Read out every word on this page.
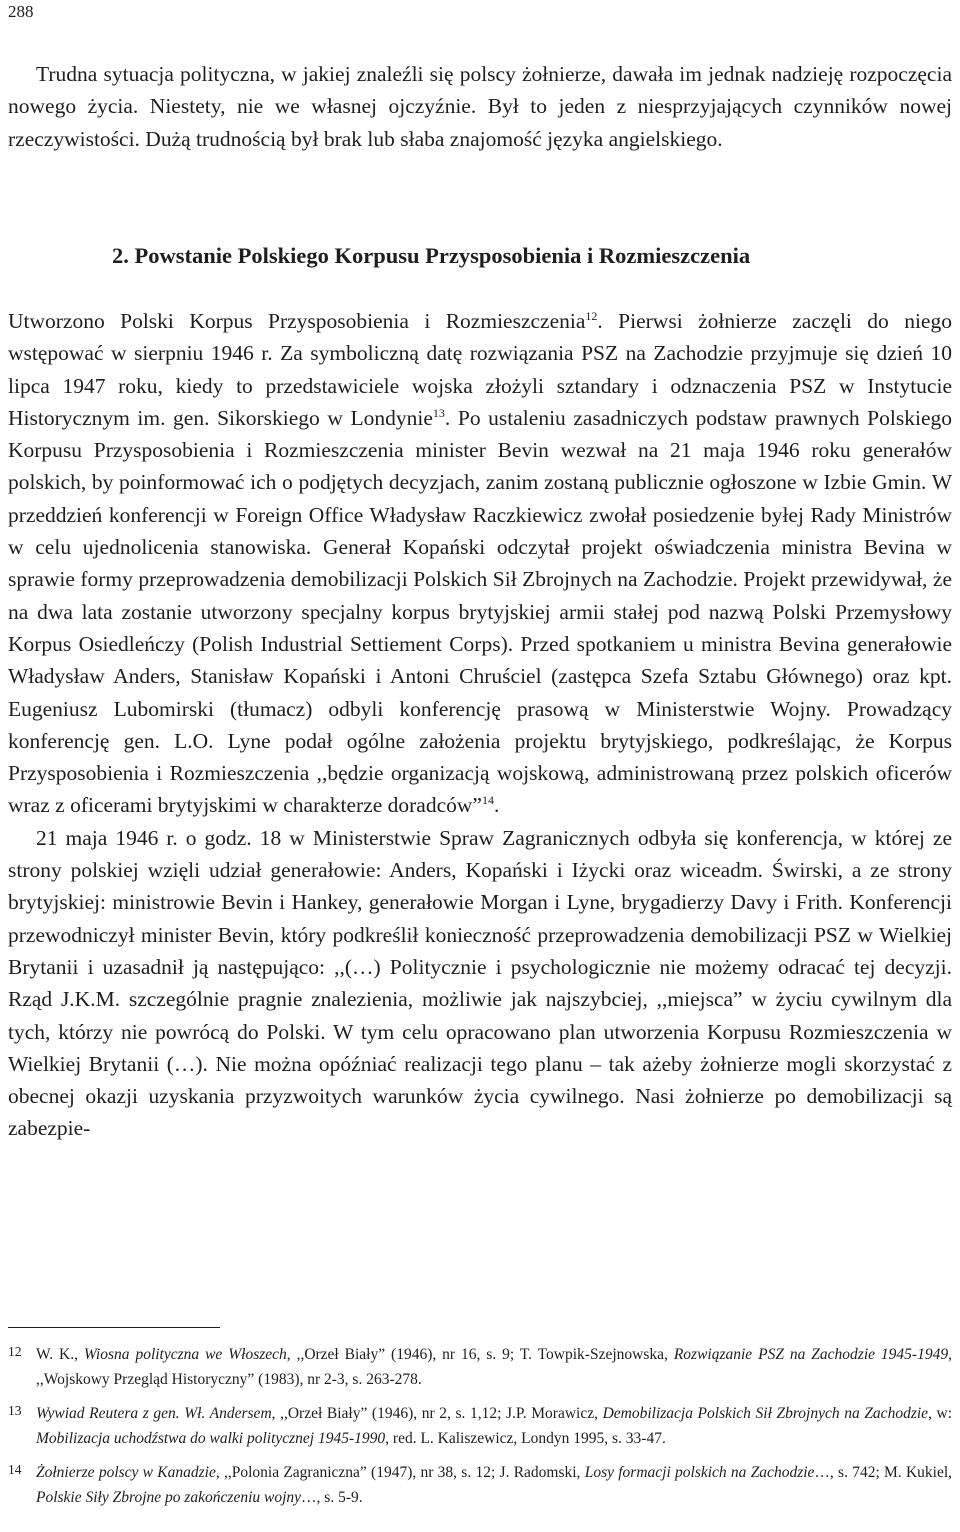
288

Trudna sytuacja polityczna, w jakiej znaleźli się polscy żołnierze, dawała im jednak nadzieję rozpoczęcia nowego życia. Niestety, nie we własnej ojczyźnie. Był to jeden z niesprzyjających czynników nowej rzeczywistości. Dużą trudnością był brak lub słaba znajomość języka angielskiego.

2. Powstanie Polskiego Korpusu Przysposobienia i Rozmieszczenia

Utworzono Polski Korpus Przysposobienia i Rozmieszczenia$^{12}$. Pierwsi żołnierze zaczęli do niego wstępować w sierpniu 1946 r. Za symboliczną datę rozwiązania PSZ na Zachodzie przyjmuje się dzień 10 lipca 1947 roku, kiedy to przedstawiciele wojska złożyli sztandary i odznaczenia PSZ w Instytucie Historycznym im. gen. Sikorskiego w Londynie$^{13}$. Po ustaleniu zasadniczych podstaw prawnych Polskiego Korpusu Przysposobienia i Rozmieszczenia minister Bevin wezwał na 21 maja 1946 roku generałów polskich, by poinformować ich o podjętych decyzjach, zanim zostaną publicznie ogłoszone w Izbie Gmin. W przeddzień konferencji w Foreign Office Władysław Raczkiewicz zwołał posiedzenie byłej Rady Ministrów w celu ujednolicenia stanowiska. Generał Kopański odczytał projekt oświadczenia ministra Bevina w sprawie formy przeprowadzenia demobilizacji Polskich Sił Zbrojnych na Zachodzie. Projekt przewidywał, że na dwa lata zostanie utworzony specjalny korpus brytyjskiej armii stałej pod nazwą Polski Przemysłowy Korpus Osiedleńczy (Polish Industrial Settiement Corps). Przed spotkaniem u ministra Bevina generałowie Władysław Anders, Stanisław Kopański i Antoni Chruściel (zastępca Szefa Sztabu Głównego) oraz kpt. Eugeniusz Lubomirski (tłumacz) odbyli konferencję prasową w Ministerstwie Wojny. Prowadzący konferencję gen. L.O. Lyne podał ogólne założenia projektu brytyjskiego, podkreślając, że Korpus Przysposobienia i Rozmieszczenia ,,będzie organizacją wojskową, administrowaną przez polskich oficerów wraz z oficerami brytyjskimi w charakterze doradców”$^{14}$.

21 maja 1946 r. o godz. 18 w Ministerstwie Spraw Zagranicznych odbyła się konferencja, w której ze strony polskiej wzięli udział generałowie: Anders, Kopański i Iżycki oraz wiceadm. Świrski, a ze strony brytyjskiej: ministrowie Bevin i Hankey, generałowie Morgan i Lyne, brygadierzy Davy i Frith. Konferencji przewodniczył minister Bevin, który podkreślił konieczność przeprowadzenia demobilizacji PSZ w Wielkiej Brytanii i uzasadnił ją następująco: ,,(…) Politycznie i psychologicznie nie możemy odracać tej decyzji. Rząd J.K.M. szczególnie pragnie znalezienia, możliwie jak najszybciej, ,,miejsca” w życiu cywilnym dla tych, którzy nie powrócą do Polski. W tym celu opracowano plan utworzenia Korpusu Rozmieszczenia w Wielkiej Brytanii (…). Nie można opóźniać realizacji tego planu – tak ażeby żołnierze mogli skorzystać z obecnej okazji uzyskania przyzwoitych warunków życia cywilnego. Nasi żołnierze po demobilizacji są zabezpie-

12 W. K., Wiosna polityczna we Włoszech, ,,Orzeł Biały” (1946), nr 16, s. 9; T. Towpik-Szejnowska, Rozwiązanie PSZ na Zachodzie 1945-1949, ,,Wojskowy Przegląd Historyczny” (1983), nr 2-3, s. 263-278.
13 Wywiad Reutera z gen. Wł. Andersem, ,,Orzeł Biały” (1946), nr 2, s. 1,12; J.P. Morawicz, Demobilizacja Polskich Sił Zbrojnych na Zachodzie, w: Mobilizacja uchodźstwa do walki politycznej 1945-1990, red. L. Kaliszewicz, Londyn 1995, s. 33-47.
14 Żołnierze polscy w Kanadzie, ,,Polonia Zagraniczna” (1947), nr 38, s. 12; J. Radomski, Losy formacji polskich na Zachodzie…, s. 742; M. Kukiel, Polskie Siły Zbrojne po zakończeniu wojny…, s. 5-9.
